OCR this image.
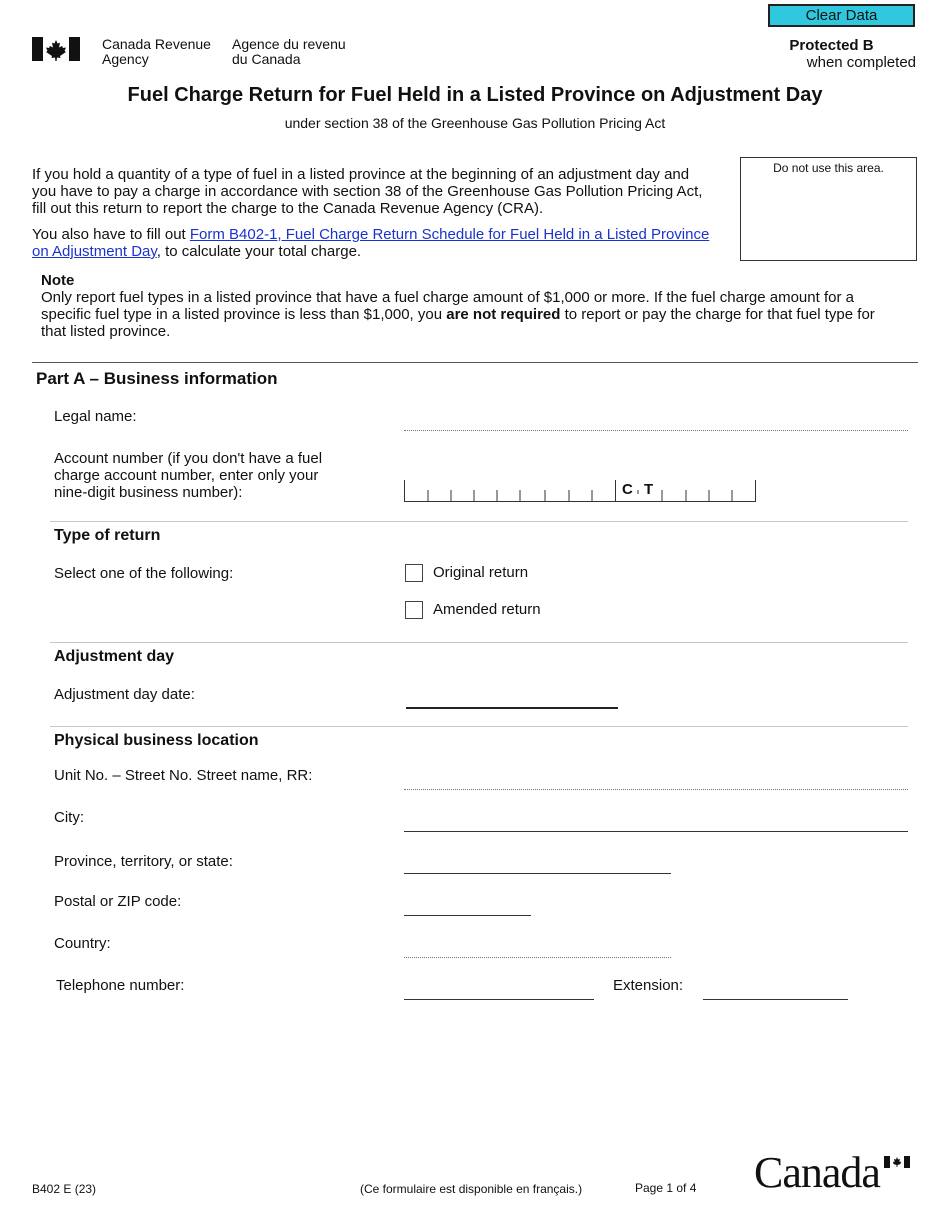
Clear Data
Canada Revenue
Agency
Agence du revenu
du Canada
Protected B
when completed
Fuel Charge Return for Fuel Held in a Listed Province on Adjustment Day
under section 38 of the Greenhouse Gas Pollution Pricing Act
Do not use this area.
If you hold a quantity of a type of fuel in a listed province at the beginning of an adjustment day and
you have to pay a charge in accordance with section 38 of the Greenhouse Gas Pollution Pricing Act,
fill out this return to report the charge to the Canada Revenue Agency (CRA).
You also have to fill out Form B402-1, Fuel Charge Return Schedule for Fuel Held in a Listed Province
on Adjustment Day, to calculate your total charge.
Note
Only report fuel types in a listed province that have a fuel charge amount of $1,000 or more. If the fuel charge amount for a
specific fuel type in a listed province is less than $1,000, you are not required to report or pay the charge for that fuel type for
that listed province.
Part A – Business information
Legal name:
Account number (if you don't have a fuel
charge account number, enter only your
nine-digit business number):	C T
Type of return
Select one of the following:	Original return
Amended return
Adjustment day
Adjustment day date:
Physical business location
Unit No. – Street No. Street name, RR:
City:
Province, territory, or state:
Postal or ZIP code:
Country:
Telephone number:	Extension:
B402 E (23)	(Ce formulaire est disponible en français.)	Page 1 of 4 Canada
